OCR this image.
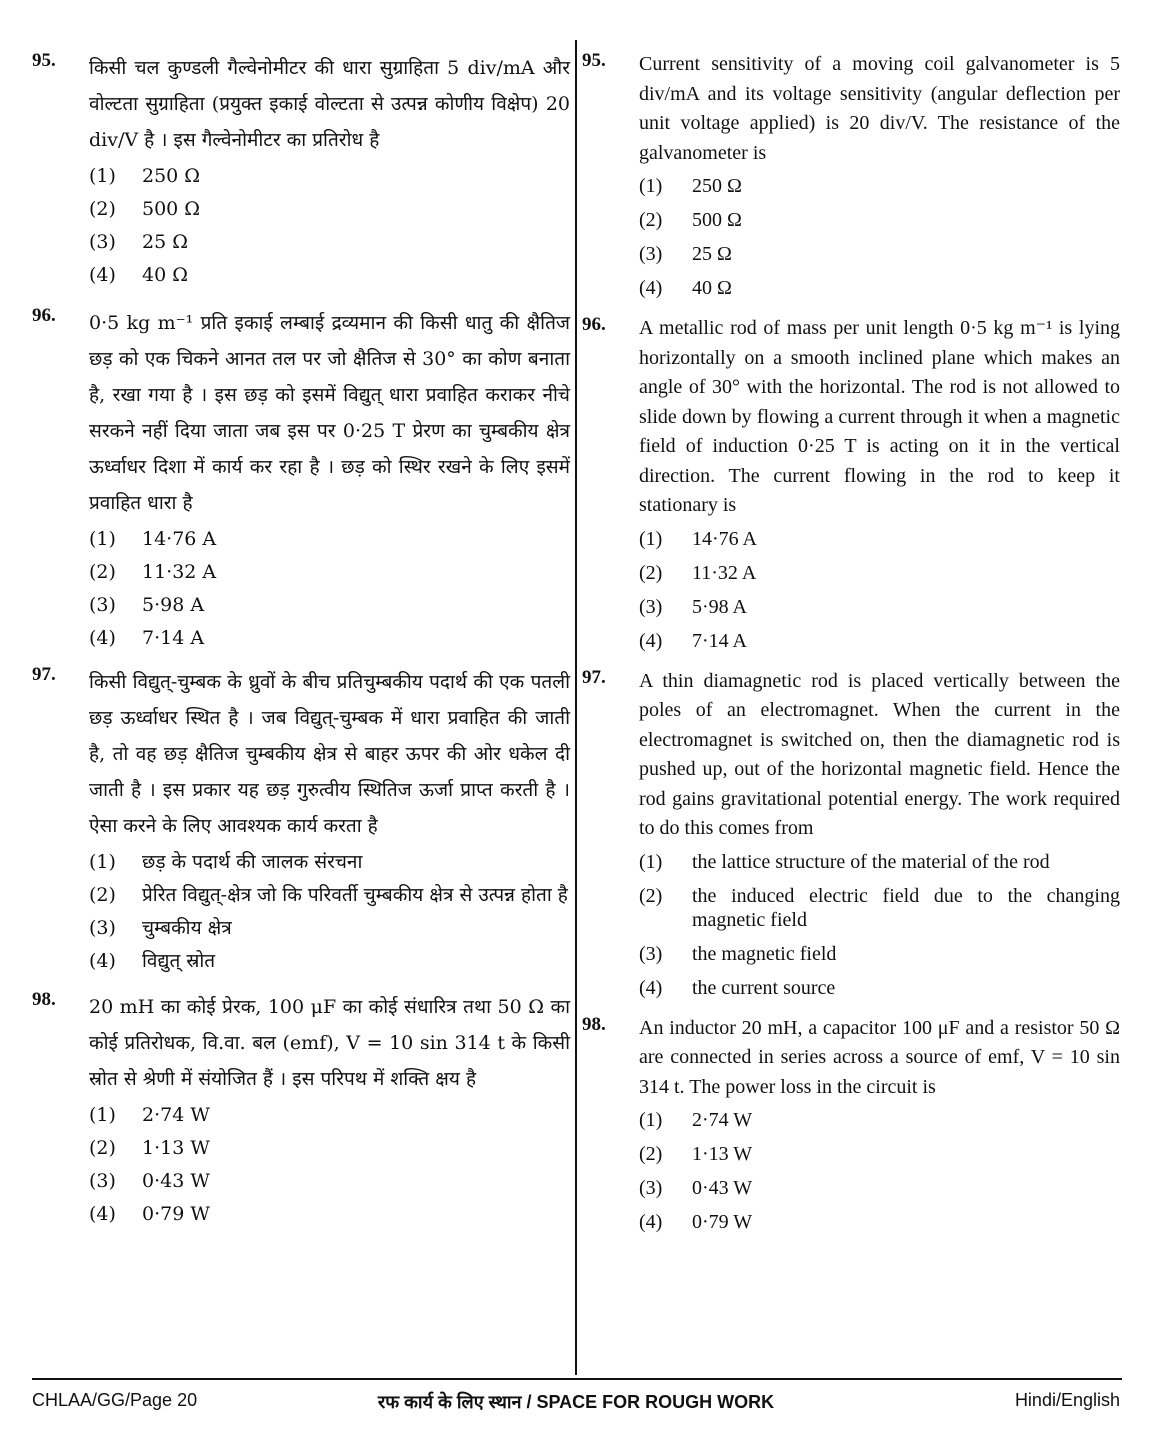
95. किसी चल कुण्डली गैल्वेनोमीटर की धारा सुग्राहिता 5 div/mA और वोल्टता सुग्राहिता (प्रयुक्त इकाई वोल्टता से उत्पन्न कोणीय विक्षेप) 20 div/V है । इस गैल्वेनोमीटर का प्रतिरोध है
(1)	250 Ω
(2)	500 Ω
(3)	25 Ω
(4)	40 Ω
96. 0·5 kg m⁻¹ प्रति इकाई लम्बाई द्रव्यमान की किसी धातु की क्षैतिज छड़ को एक चिकने आनत तल पर जो क्षैतिज से 30° का कोण बनाता है, रखा गया है । इस छड़ को इसमें विद्युत् धारा प्रवाहित कराकर नीचे सरकने नहीं दिया जाता जब इस पर 0·25 T प्रेरण का चुम्बकीय क्षेत्र ऊर्ध्वाधर दिशा में कार्य कर रहा है । छड़ को स्थिर रखने के लिए इसमें प्रवाहित धारा है
(1)	14·76 A
(2)	11·32 A
(3)	5·98 A
(4)	7·14 A
97. किसी विद्युत्-चुम्बक के ध्रुवों के बीच प्रतिचुम्बकीय पदार्थ की एक पतली छड़ ऊर्ध्वाधर स्थित है । जब विद्युत्-चुम्बक में धारा प्रवाहित की जाती है, तो वह छड़ क्षैतिज चुम्बकीय क्षेत्र से बाहर ऊपर की ओर धकेल दी जाती है । इस प्रकार यह छड़ गुरुत्वीय स्थितिज ऊर्जा प्राप्त करती है । ऐसा करने के लिए आवश्यक कार्य करता है
(1)	छड़ के पदार्थ की जालक संरचना
(2)	प्रेरित विद्युत्-क्षेत्र जो कि परिवर्ती चुम्बकीय क्षेत्र से उत्पन्न होता है
(3)	चुम्बकीय क्षेत्र
(4)	विद्युत् स्रोत
98. 20 mH का कोई प्रेरक, 100 μF का कोई संधारित्र तथा 50 Ω का कोई प्रतिरोधक, वि.वा. बल (emf), V = 10 sin 314 t के किसी स्रोत से श्रेणी में संयोजित हैं । इस परिपथ में शक्ति क्षय है
(1)	2·74 W
(2)	1·13 W
(3)	0·43 W
(4)	0·79 W
95. Current sensitivity of a moving coil galvanometer is 5 div/mA and its voltage sensitivity (angular deflection per unit voltage applied) is 20 div/V. The resistance of the galvanometer is
(1)	250 Ω
(2)	500 Ω
(3)	25 Ω
(4)	40 Ω
96. A metallic rod of mass per unit length 0·5 kg m⁻¹ is lying horizontally on a smooth inclined plane which makes an angle of 30° with the horizontal. The rod is not allowed to slide down by flowing a current through it when a magnetic field of induction 0·25 T is acting on it in the vertical direction. The current flowing in the rod to keep it stationary is
(1)	14·76 A
(2)	11·32 A
(3)	5·98 A
(4)	7·14 A
97. A thin diamagnetic rod is placed vertically between the poles of an electromagnet. When the current in the electromagnet is switched on, then the diamagnetic rod is pushed up, out of the horizontal magnetic field. Hence the rod gains gravitational potential energy. The work required to do this comes from
(1)	the lattice structure of the material of the rod
(2)	the induced electric field due to the changing magnetic field
(3)	the magnetic field
(4)	the current source
98. An inductor 20 mH, a capacitor 100 μF and a resistor 50 Ω are connected in series across a source of emf, V = 10 sin 314 t. The power loss in the circuit is
(1)	2·74 W
(2)	1·13 W
(3)	0·43 W
(4)	0·79 W
रफ कार्य के लिए स्थान / SPACE FOR ROUGH WORK
CHLAA/GG/Page 20	Hindi/English
